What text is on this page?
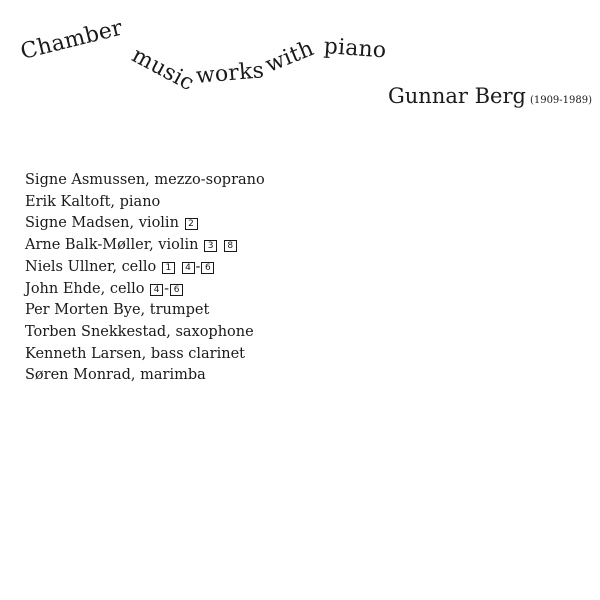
Chamber
music
works
with piano
Gunnar Berg (1909-1989)
Signe Asmussen, mezzo-soprano
Erik Kaltoft, piano
Signe Madsen, violin 2
Arne Balk-Møller, violin 3 8
Niels Ullner, cello 1 4 - 6
John Ehde, cello 4 - 6
Per Morten Bye, trumpet
Torben Snekkestad, saxophone
Kenneth Larsen, bass clarinet
Søren Monrad, marimba
